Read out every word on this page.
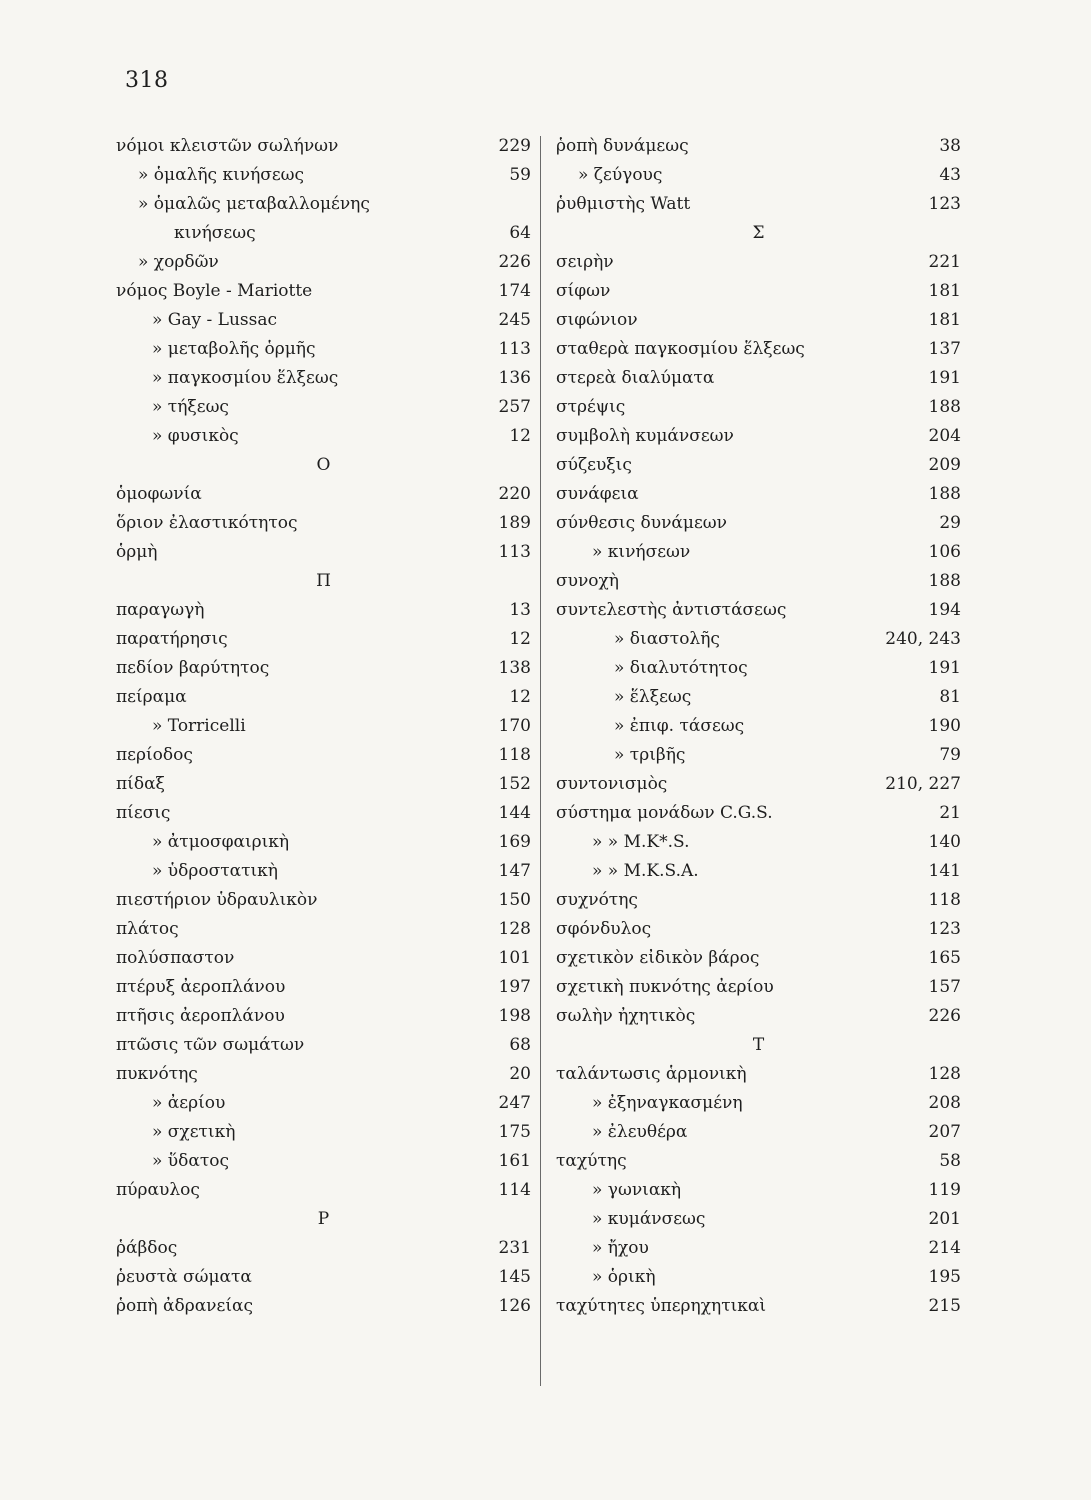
318
νόμοι κλειστῶν σωλήνων	229
» ὁμαλῆς κινήσεως	59
» ὁμαλῶς μεταβαλλομένης
κινήσεως	64
» χορδῶν	226
νόμος Boyle - Mariotte	174
» Gay - Lussac	245
» μεταβολῆς ὁρμῆς	113
» παγκοσμίου ἕλξεως	136
» τήξεως	257
» φυσικὸς	12
Ο
ὁμοφωνία	220
ὅριον ἐλαστικότητος	189
ὁρμὴ	113
Π
παραγωγὴ	13
παρατήρησις	12
πεδίον βαρύτητος	138
πείραμα	12
» Torricelli	170
περίοδος	118
πίδαξ	152
πίεσις	144
» ἀτμοσφαιρικὴ	169
» ὑδροστατικὴ	147
πιεστήριον ὑδραυλικὸν	150
πλάτος	128
πολύσπαστον	101
πτέρυξ ἀεροπλάνου	197
πτῆσις ἀεροπλάνου	198
πτῶσις τῶν σωμάτων	68
πυκνότης	20
» ἀερίου	247
» σχετικὴ	175
» ὕδατος	161
πύραυλος	114
Ρ
ῥάβδος	231
ῥευστὰ σώματα	145
ῥοπὴ ἀδρανείας	126
ῥοπὴ δυνάμεως	38
» ζεύγους	43
ῥυθμιστὴς Watt	123
Σ
σειρὴν	221
σίφων	181
σιφώνιον	181
σταθερὰ παγκοσμίου ἕλξεως	137
στερεὰ διαλύματα	191
στρέψις	188
συμβολὴ κυμάνσεων	204
σύζευξις	209
συνάφεια	188
σύνθεσις δυνάμεων	29
» κινήσεων	106
συνοχὴ	188
συντελεστὴς ἀντιστάσεως	194
» διαστολῆς	240, 243
» διαλυτότητος	191
» ἕλξεως	81
» ἐπιφ. τάσεως	190
» τριβῆς	79
συντονισμὸς	210, 227
σύστημα μονάδων C.G.S.	21
» » M.K*.S.	140
» » M.K.S.A.	141
συχνότης	118
σφόνδυλος	123
σχετικὸν εἰδικὸν βάρος	165
σχετικὴ πυκνότης ἀερίου	157
σωλὴν ἠχητικὸς	226
Τ
ταλάντωσις ἁρμονικὴ	128
» ἐξηναγκασμένη	208
» ἐλευθέρα	207
ταχύτης	58
» γωνιακὴ	119
» κυμάνσεως	201
» ἤχου	214
» ὁρικὴ	195
ταχύτητες ὑπερηχητικαὶ	215
